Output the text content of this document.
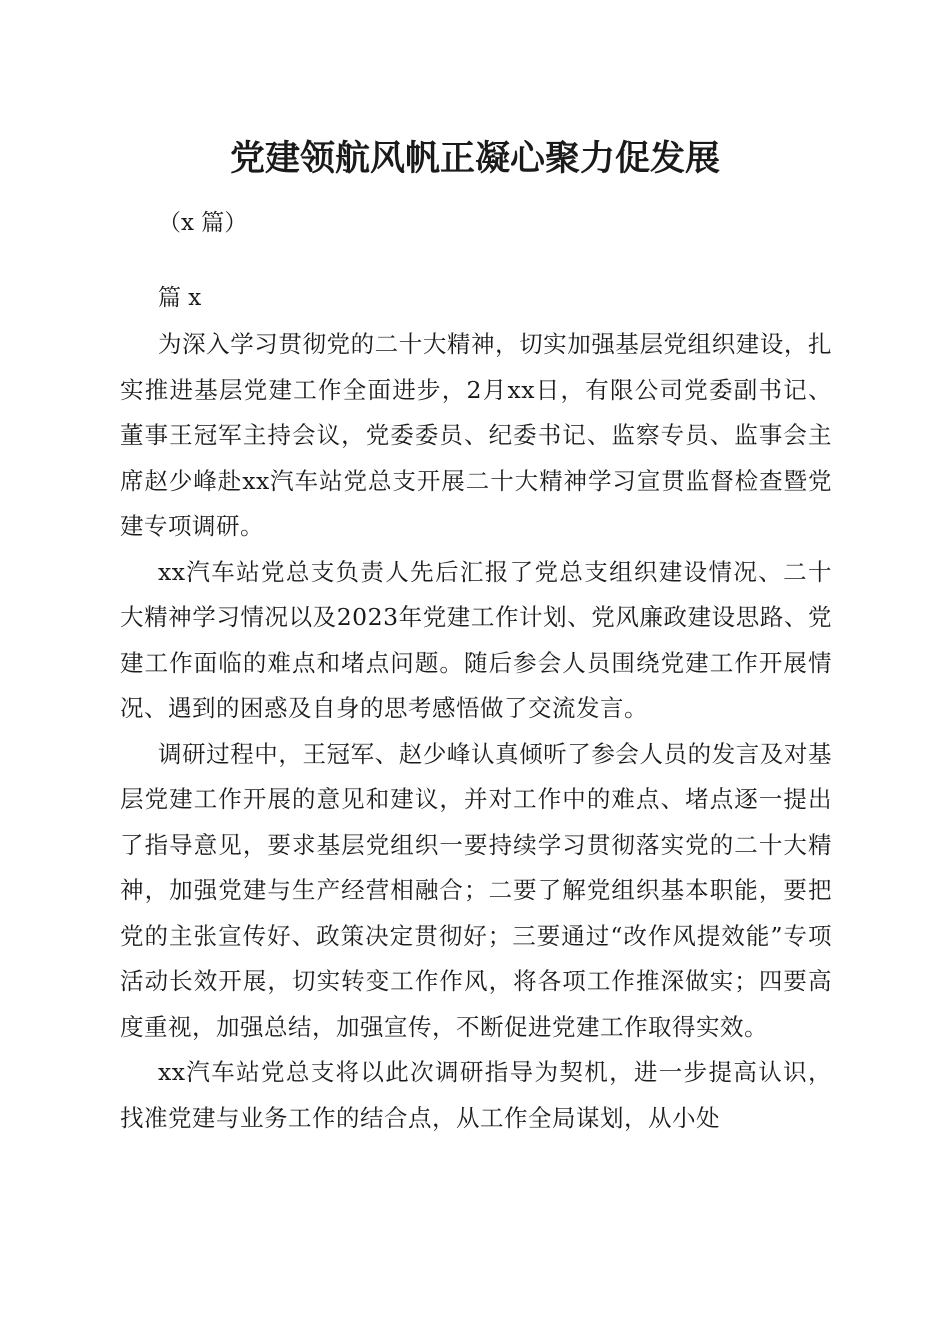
党建领航风帆正凝心聚力促发展

（x 篇）

篇 x

为深入学习贯彻党的二十大精神，切实加强基层党组织建设，扎实推进基层党建工作全面进步，2月xx日，有限公司党委副书记、董事王冠军主持会议，党委委员、纪委书记、监察专员、监事会主席赵少峰赴xx汽车站党总支开展二十大精神学习宣贯监督检查暨党建专项调研。

xx汽车站党总支负责人先后汇报了党总支组织建设情况、二十大精神学习情况以及2023年党建工作计划、党风廉政建设思路、党建工作面临的难点和堵点问题。随后参会人员围绕党建工作开展情况、遇到的困惑及自身的思考感悟做了交流发言。

调研过程中，王冠军、赵少峰认真倾听了参会人员的发言及对基层党建工作开展的意见和建议，并对工作中的难点、堵点逐一提出了指导意见，要求基层党组织一要持续学习贯彻落实党的二十大精神，加强党建与生产经营相融合；二要了解党组织基本职能，要把党的主张宣传好、政策决定贯彻好；三要通过“改作风提效能”专项活动长效开展，切实转变工作作风，将各项工作推深做实；四要高度重视，加强总结，加强宣传，不断促进党建工作取得实效。

xx汽车站党总支将以此次调研指导为契机，进一步提高认识，找准党建与业务工作的结合点，从工作全局谋划，从小处
